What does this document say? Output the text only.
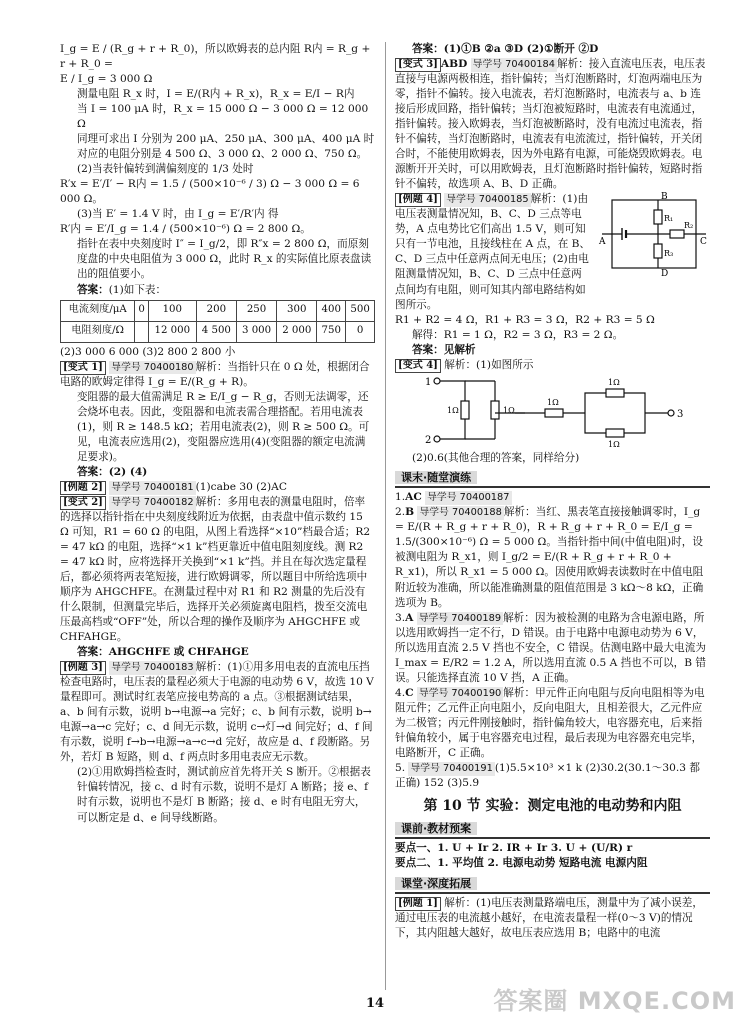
I_g = E / (R_g + r + R_0)，所以欧姆表的总内阻 R内 = R_g + r + R_0 =
E / I_g = 3 000 Ω
测量电阻 R_x 时，I = E/(R内 + R_x)，R_x = E/I − R内
当 I = 100 μA 时，R_x = 15 000 Ω − 3 000 Ω = 12 000 Ω
同理可求出 I 分别为 200 μA、250 μA、300 μA、400 μA 时对应的电阻分别是 4 500 Ω、3 000 Ω、2 000 Ω、750 Ω。
(2)当表针偏转到满偏刻度的 1/3 处时
R′x = E′/I′ − R内 = 1.5 / (500×10⁻⁶ / 3) Ω − 3 000 Ω = 6 000 Ω。
(3)当 E′ = 1.4 V 时，由 I_g = E′/R′内 得
R′内 = E′/I_g = 1.4 / (500×10⁻⁶) Ω = 2 800 Ω。
指针在表中央刻度时 I″ = I_g/2，即 R″x = 2 800 Ω，而原刻度盘的中央电阻值为 3 000 Ω，此时 R_x 的实际值比原表盘读出的阻值要小。
答案：(1)如下表：
电流刻度/μA	0	100	200	250	300	400	500
电阻刻度/Ω		12 000	4 500	3 000	2 000	750	0
(2)3 000 6 000 (3)2 800 2 800 小
[变式 1] 导学号 70400180 解析：当指针只在 0 Ω 处，根据闭合电路的欧姆定律得 I_g = E/(R_g + R)。
变阻器的最大值需满足 R ≥ E/I_g − R_g，否则无法调零，还会烧坏电表。因此，变阻器和电流表需合理搭配。若用电流表(1)，则 R ≥ 148.5 kΩ；若用电流表(2)，则 R ≥ 500 Ω。可见，电流表应选用(2)，变阻器应选用(4)(变阻器的额定电流满足要求)。
答案：(2) (4)
[例题 2] 导学号 70400181 (1)cabe 30 (2)AC
[变式 2] 导学号 70400182 解析：多用电表的测量电阻时，倍率的选择以指针指在中央刻度线附近为依据，由表盘中值示数约 15 Ω 可知，R1 = 60 Ω 的电阻，从图上看选择“×10”档最合适；R2 = 47 kΩ 的电阻，选择“×1 k”档更靠近中值电阻刻度线。测 R2 = 47 kΩ 时，应将选择开关换到“×1 k”挡。并且在每次选定量程后，都必须将两表笔短接，进行欧姆调零，所以题目中所给选项中顺序为 AHGCHFE。在测量过程中对 R1 和 R2 测量的先后没有什么限制，但测量完毕后，选择开关必须旋离电阻档，拨至交流电压最高档或“OFF”处，所以合理的操作及顺序为 AHGCHFE 或 CHFAHGE。
答案：AHGCHFE 或 CHFAHGE
[例题 3] 导学号 70400183 解析：(1)①用多用电表的直流电压挡检查电路时，电压表的量程必须大于电源的电动势 6 V，故选 10 V 量程即可。测试时红表笔应接电势高的 a 点。③根据测试结果，a、b 间有示数，说明 b→电源→a 完好；c、b 间有示数，说明 b→电源→a→c 完好；c、d 间无示数，说明 c→灯→d 间完好；d、f 间有示数，说明 f→b→电源→a→c→d 完好，故应是 d、f 段断路。另外，若灯 B 短路，则 d、f 两点时多用电表应无示数。
(2)①用欧姆挡检查时，测试前应首先将开关 S 断开。②根据表针偏转情况，接 c、d 时有示数，说明不是灯 A 断路；接 e、f 时有示数，说明也不是灯 B 断路；接 d、e 时有电阻无穷大，可以断定是 d、e 间导线断路。
答案：(1)①B ②a ③D (2)①断开 ②D
[变式 3] ABD 导学号 70400184 解析：接入直流电压表，电压表直接与电源两极相连，指针偏转；当灯泡断路时，灯泡两端电压为零，指针不偏转。接入电流表，若灯泡断路时，电流表与 a、b 连接后形成回路，指针偏转；当灯泡被短路时，电流表有电流通过，指针偏转。接入欧姆表，当灯泡被断路时，没有电流过电流表，指针不偏转，当灯泡断路时，电流表有电流流过，指针偏转，开关闭合时，不能使用欧姆表，因为外电路有电源，可能烧毁欧姆表。电源断开开关时，可以用欧姆表，且灯泡断路时指针偏转，短路时指针不偏转，故选项 A、B、D 正确。
A
B
C
D
R₁
R₂
R₃
[例题 4] 导学号 70400185 解析：(1)由电压表测量情况知，B、C、D 三点等电势，A 点电势比它们高出 1.5 V，则可知只有一节电池，且接线柱在 A 点，在 B、C、D 三点中任意两点间无电压；(2)由电阻测量情况知，B、C、D 三点中任意两点间均有电阻，则可知其内部电路结构如图所示。
R1 + R2 = 4 Ω，R1 + R3 = 3 Ω，R2 + R3 = 5 Ω
解得：R1 = 1 Ω，R2 = 3 Ω，R3 = 2 Ω。
答案：见解析
[变式 4] 解析：(1)如图所示
1
2
3
1Ω	1Ω
1Ω
1Ω
1Ω
(2)0.6(其他合理的答案，同样给分)
课末·随堂演练
1.AC 导学号 70400187
2.B 导学号 70400188 解析：当红、黑表笔直接接触调零时，I_g = E/(R + R_g + r + R_0)，R + R_g + r + R_0 = E/I_g = 1.5/(300×10⁻⁶) Ω = 5 000 Ω。当指针指中间(中值电阻)时，设被测电阻为 R_x1，则 I_g/2 = E/(R + R_g + r + R_0 + R_x1)，所以 R_x1 = 5 000 Ω。因使用欧姆表读数时在中值电阻附近较为准确，所以能准确测量的阻值范围是 3 kΩ～8 kΩ，正确选项为 B。
3.A 导学号 70400189 解析：因为被检测的电路为含电源电路，所以选用欧姆挡一定不行，D 错误。由于电路中电源电动势为 6 V，所以选用直流 2.5 V 挡也不安全，C 错误。估测电路中最大电流为 I_max = E/R2 = 1.2 A，所以选用直流 0.5 A 挡也不可以，B 错误。只能选择直流 10 V 挡，A 正确。
4.C 导学号 70400190 解析：甲元件正向电阻与反向电阻相等为电阻元件；乙元件正向电阻小，反向电阻大，且相差很大，乙元件应为二极管；丙元件刚接触时，指针偏角较大，电容器充电，后来指针偏角较小，属于电容器充电过程，最后表现为电容器充电完毕，电路断开，C 正确。
5. 导学号 70400191 (1)5.5×10³ ×1 k (2)30.2(30.1～30.3 都正确) 152 (3)5.9
第 10 节 实验：测定电池的电动势和内阻
课前·教材预案
要点一、1. U + Ir 2. IR + Ir 3. U + (U/R) r
要点二、1. 平均值 2. 电源电动势 短路电流 电源内阻
课堂·深度拓展
[例题 1] 解析：(1)电压表测量路端电压，测量中为了减小误差，通过电压表的电流越小越好，在电流表量程一样(0～3 V)的情况下，其内阻越大越好，故电压表应选用 B；电路中的电流
14	答案圈 MXQE.COM
